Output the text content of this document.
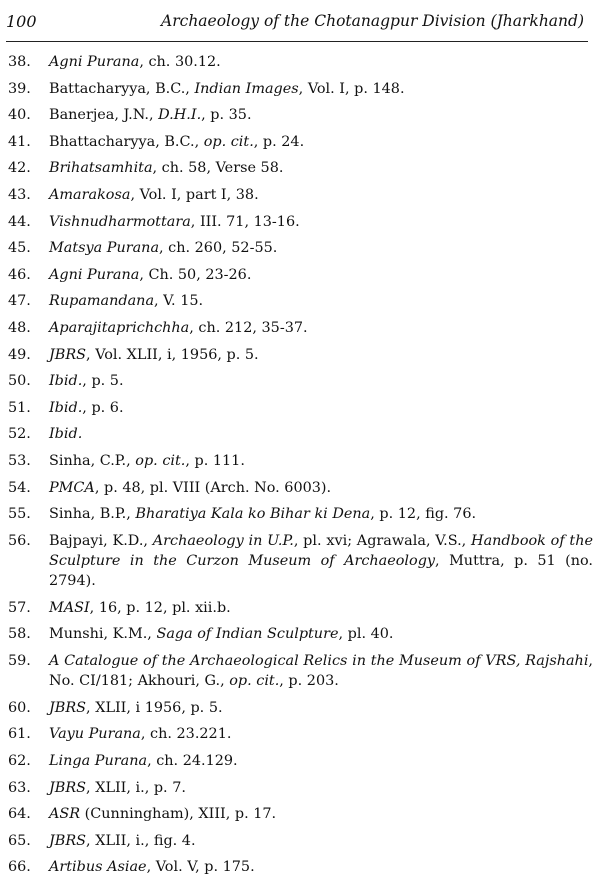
100	Archaeology of the Chotanagpur Division (Jharkhand)
38.	Agni Purana, ch. 30.12.
39.	Battacharyya, B.C., Indian Images, Vol. I, p. 148.
40.	Banerjea, J.N., D.H.I., p. 35.
41.	Bhattacharyya, B.C., op. cit., p. 24.
42.	Brihatsamhita, ch. 58, Verse 58.
43.	Amarakosa, Vol. I, part I, 38.
44.	Vishnudharmottara, III. 71, 13-16.
45.	Matsya Purana, ch. 260, 52-55.
46.	Agni Purana, Ch. 50, 23-26.
47.	Rupamandana, V. 15.
48.	Aparajitaprichchha, ch. 212, 35-37.
49.	JBRS, Vol. XLII, i, 1956, p. 5.
50.	Ibid., p. 5.
51.	Ibid., p. 6.
52.	Ibid.
53.	Sinha, C.P., op. cit., p. 111.
54.	PMCA, p. 48, pl. VIII (Arch. No. 6003).
55.	Sinha, B.P., Bharatiya Kala ko Bihar ki Dena, p. 12, fig. 76.
56.	Bajpayi, K.D., Archaeology in U.P., pl. xvi; Agrawala, V.S., Handbook of the Sculpture in the Curzon Museum of Archaeology, Muttra, p. 51 (no. 2794).
57.	MASI, 16, p. 12, pl. xii.b.
58.	Munshi, K.M., Saga of Indian Sculpture, pl. 40.
59.	A Catalogue of the Archaeological Relics in the Museum of VRS, Rajshahi, No. CI/181; Akhouri, G., op. cit., p. 203.
60.	JBRS, XLII, i 1956, p. 5.
61.	Vayu Purana, ch. 23.221.
62.	Linga Purana, ch. 24.129.
63.	JBRS, XLII, i., p. 7.
64.	ASR (Cunningham), XIII, p. 17.
65.	JBRS, XLII, i., fig. 4.
66.	Artibus Asiae, Vol. V, p. 175.
